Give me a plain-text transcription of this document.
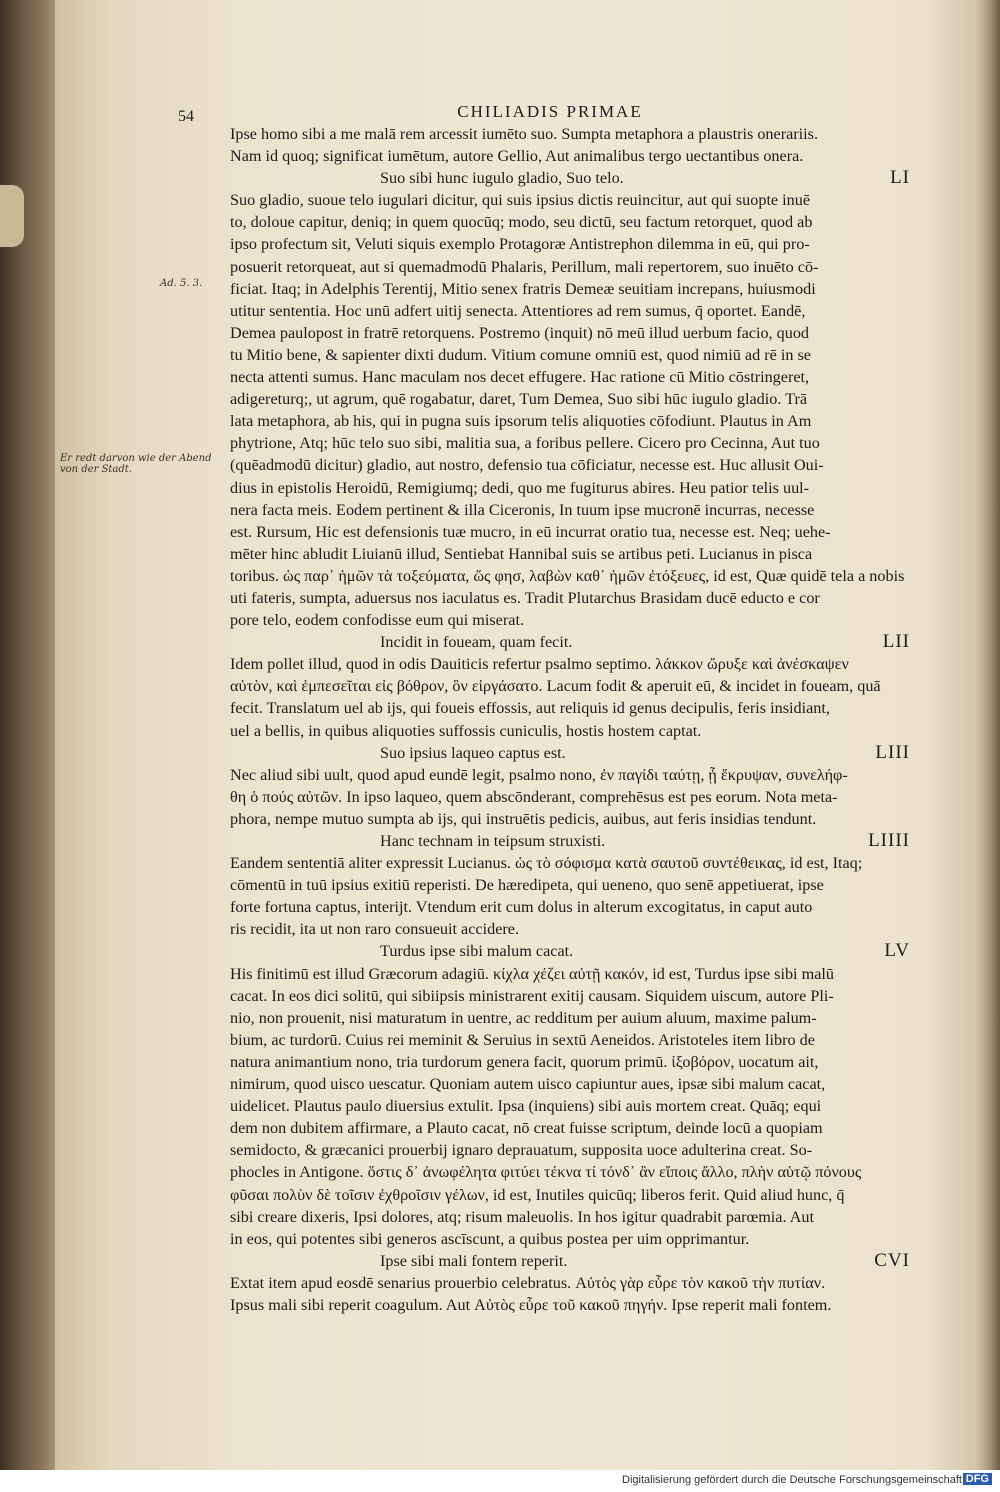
54	CHILIADIS PRIMAE
Ad. 5. 3.
Er redt darvon wie der Abend von der Stadt.
Ipse homo sibi a me malā rem arcessit iumēto suo. Sumpta metaphora a plaustris onerariis.
Nam id quoq; significat iumētum, autore Gellio, Aut animalibus tergo uectantibus onera.
Suo sibi hunc iugulo gladio, Suo telo.	LI
Suo gladio, suoue telo iugulari dicitur, qui suis ipsius dictis reuincitur, aut qui suopte inuē
to, doloue capitur, deniq; in quem quocūq; modo, seu dictū, seu factum retorquet, quod ab
ipso profectum sit, Veluti siquis exemplo Protagoræ Antistrephon dilemma in eū, qui pro-
posuerit retorqueat, aut si quemadmodū Phalaris, Perillum, mali repertorem, suo inuēto cō-
ficiat. Itaq; in Adelphis Terentij, Mitio senex fratris Demeæ seuitiam increpans, huiusmodi
utitur sententia. Hoc unū adfert uitij senecta. Attentiores ad rem sumus, q̄ oportet. Eandē,
Demea paulopost in fratrē retorquens. Postremo (inquit) nō meū illud uerbum facio, quod
tu Mitio bene, & sapienter dixti dudum. Vitium comune omniū est, quod nimiū ad rē in se
necta attenti sumus. Hanc maculam nos decet effugere. Hac ratione cū Mitio cōstringeret,
adigereturq;, ut agrum, quē rogabatur, daret, Tum Demea, Suo sibi hūc iugulo gladio. Trā
lata metaphora, ab his, qui in pugna suis ipsorum telis aliquoties cōfodiunt. Plautus in Am
phytrione, Atq; hūc telo suo sibi, malitia sua, a foribus pellere. Cicero pro Cecinna, Aut tuo
(quēadmodū dicitur) gladio, aut nostro, defensio tua cōficiatur, necesse est. Huc allusit Oui-
dius in epistolis Heroidū, Remigiumq; dedi, quo me fugiturus abires. Heu patior telis uul-
nera facta meis. Eodem pertinent & illa Ciceronis, In tuum ipse mucronē incurras, necesse
est. Rursum, Hic est defensionis tuæ mucro, in eū incurrat oratio tua, necesse est. Neq; uehe-
mēter hinc abludit Liuianū illud, Sentiebat Hannibal suis se artibus peti. Lucianus in pisca
toribus. ὡς παρ᾽ ἡμῶν τὰ τοξεύματα, ὥς φησ, λαβὼν καθ᾽ ἡμῶν ἐτόξευες, id est, Quæ quidē tela a nobis
uti fateris, sumpta, aduersus nos iaculatus es. Tradit Plutarchus Brasidam ducē educto e cor
pore telo, eodem confodisse eum qui miserat.
Incidit in foueam, quam fecit.	LII
Idem pollet illud, quod in odis Dauiticis refertur psalmo septimo. λάκκον ὤρυξε καὶ ἀνέσκαψεν
αὐτὸν, καὶ ἐμπεσεῖται εἰς βόθρον, ὃν εἰργάσατο. Lacum fodit & aperuit eū, & incidet in foueam, quā
fecit. Translatum uel ab ijs, qui foueis effossis, aut reliquis id genus decipulis, feris insidiant,
uel a bellis, in quibus aliquoties suffossis cuniculis, hostis hostem captat.
Suo ipsius laqueo captus est.	LIII
Nec aliud sibi uult, quod apud eundē legit, psalmo nono, ἐν παγίδι ταύτῃ, ᾗ ἔκρυψαν, συνελήφ-
θη ὁ πούς αὐτῶν. In ipso laqueo, quem abscōnderant, comprehēsus est pes eorum. Nota meta-
phora, nempe mutuo sumpta ab ijs, qui instruētis pedicis, auibus, aut feris insidias tendunt.
Hanc technam in teipsum struxisti.	LIIII
Eandem sententiā aliter expressit Lucianus. ὡς τὸ σόφισμα κατὰ σαυτοῦ συντέθεικας, id est, Itaq;
cōmentū in tuū ipsius exitiū reperisti. De hæredipeta, qui ueneno, quo senē appetiuerat, ipse
forte fortuna captus, interijt. Vtendum erit cum dolus in alterum excogitatus, in caput auto
ris recidit, ita ut non raro consueuit accidere.
Turdus ipse sibi malum cacat.	LV
His finitimū est illud Græcorum adagiū. κίχλα χέζει αὐτῇ κακόν, id est, Turdus ipse sibi malū
cacat. In eos dici solitū, qui sibiipsis ministrarent exitij causam. Siquidem uiscum, autore Pli-
nio, non prouenit, nisi maturatum in uentre, ac redditum per auium aluum, maxime palum-
bium, ac turdorū. Cuius rei meminit & Seruius in sextū Aeneidos. Aristoteles item libro de
natura animantium nono, tria turdorum genera facit, quorum primū. ἰξοβόρον, uocatum ait,
nimirum, quod uisco uescatur. Quoniam autem uisco capiuntur aues, ipsæ sibi malum cacat,
uidelicet. Plautus paulo diuersius extulit. Ipsa (inquiens) sibi auis mortem creat. Quāq; equi
dem non dubitem affirmare, a Plauto cacat, nō creat fuisse scriptum, deinde locū a quopiam
semidocto, & græcanici prouerbij ignaro deprauatum, supposita uoce adulterina creat. So-
phocles in Antigone. ὅστις δ᾽ ἀνωφέλητα φιτύει τέκνα τί τόνδ᾽ ἂν εἴποις ἄλλο, πλὴν αὑτῷ πόνους
φῦσαι πολὺν δὲ τοῖσιν ἐχθροῖσιν γέλων, id est, Inutiles quicūq; liberos ferit. Quid aliud hunc, q̄
sibi creare dixeris, Ipsi dolores, atq; risum maleuolis. In hos igitur quadrabit parœmia. Aut
in eos, qui potentes sibi generos ascīscunt, a quibus postea per uim opprimantur.
Ipse sibi mali fontem reperit.	CVI
Extat item apud eosdē senarius prouerbio celebratus. Αὐτὸς γὰρ εὗρε τὸν κακοῦ τὴν πυτίαν.
Ipsus mali sibi reperit coagulum. Aut Αὐτὸς εὗρε τοῦ κακοῦ πηγήν. Ipse reperit mali fontem.
Digitalisierung gefördert durch die Deutsche Forschungsgemeinschaft DFG
